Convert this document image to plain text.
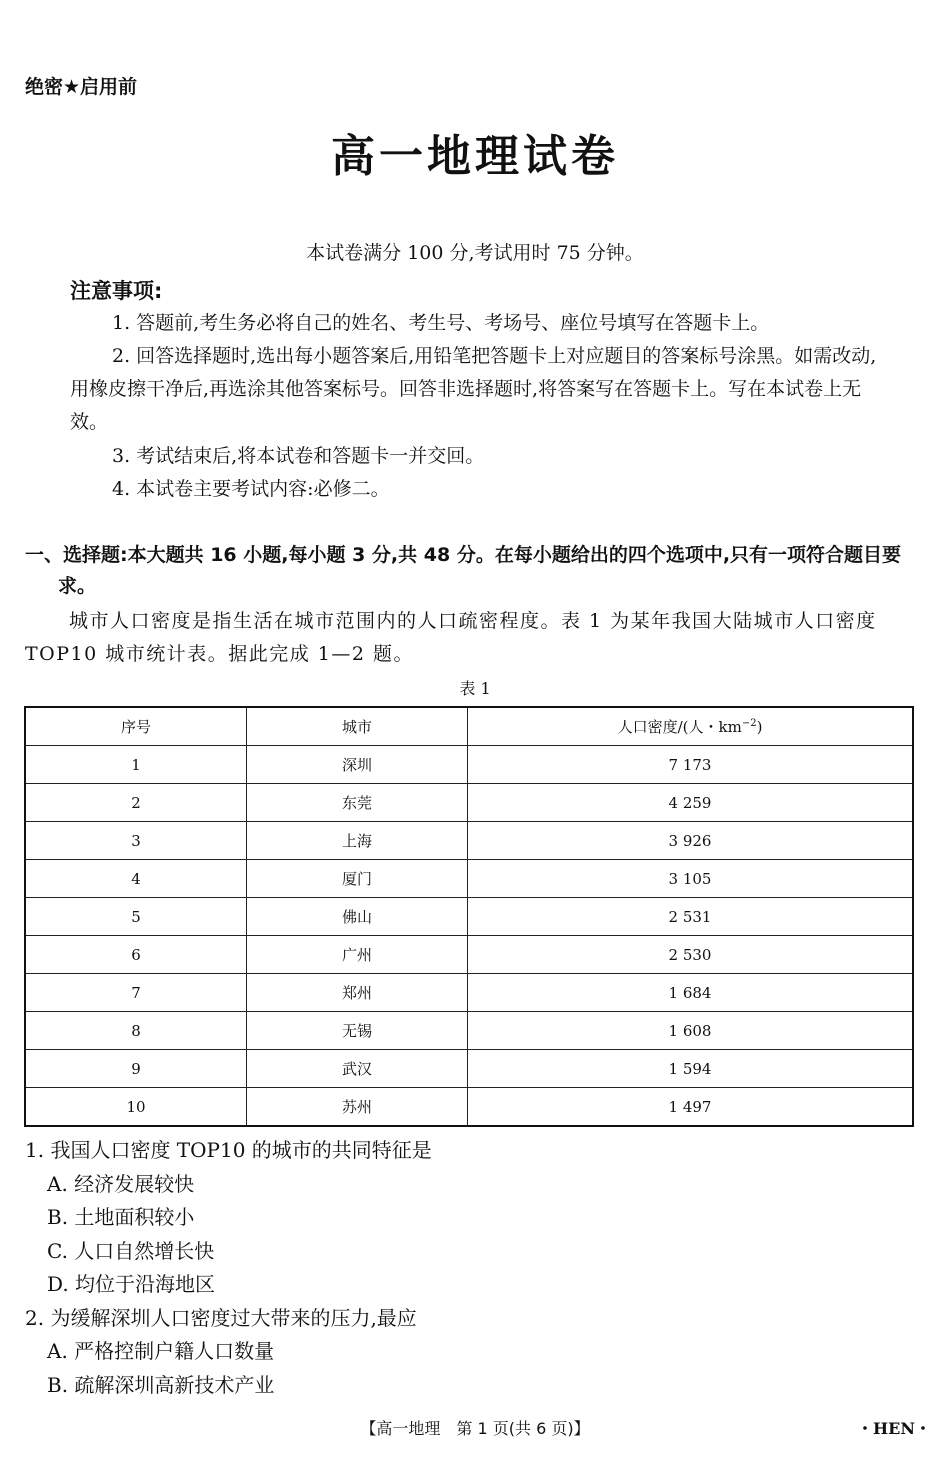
绝密★启用前
高一地理试卷
本试卷满分 100 分,考试用时 75 分钟。
注意事项:
1. 答题前,考生务必将自己的姓名、考生号、考场号、座位号填写在答题卡上。
2. 回答选择题时,选出每小题答案后,用铅笔把答题卡上对应题目的答案标号涂黑。如需改动,用橡皮擦干净后,再选涂其他答案标号。回答非选择题时,将答案写在答题卡上。写在本试卷上无效。
3. 考试结束后,将本试卷和答题卡一并交回。
4. 本试卷主要考试内容:必修二。
一、选择题:本大题共 16 小题,每小题 3 分,共 48 分。在每小题给出的四个选项中,只有一项符合题目要求。
城市人口密度是指生活在城市范围内的人口疏密程度。表 1 为某年我国大陆城市人口密度 TOP10 城市统计表。据此完成 1—2 题。
表 1
序号	城市	人口密度/(人・$km^{-2}$)
1	深圳	7 173
2	东莞	4 259
3	上海	3 926
4	厦门	3 105
5	佛山	2 531
6	广州	2 530
7	郑州	1 684
8	无锡	1 608
9	武汉	1 594
10	苏州	1 497
1. 我国人口密度 TOP10 的城市的共同特征是
A. 经济发展较快
B. 土地面积较小
C. 人口自然增长快
D. 均位于沿海地区
2. 为缓解深圳人口密度过大带来的压力,最应
A. 严格控制户籍人口数量
B. 疏解深圳高新技术产业
【高一地理　第 1 页(共 6 页)】	・HEN・
